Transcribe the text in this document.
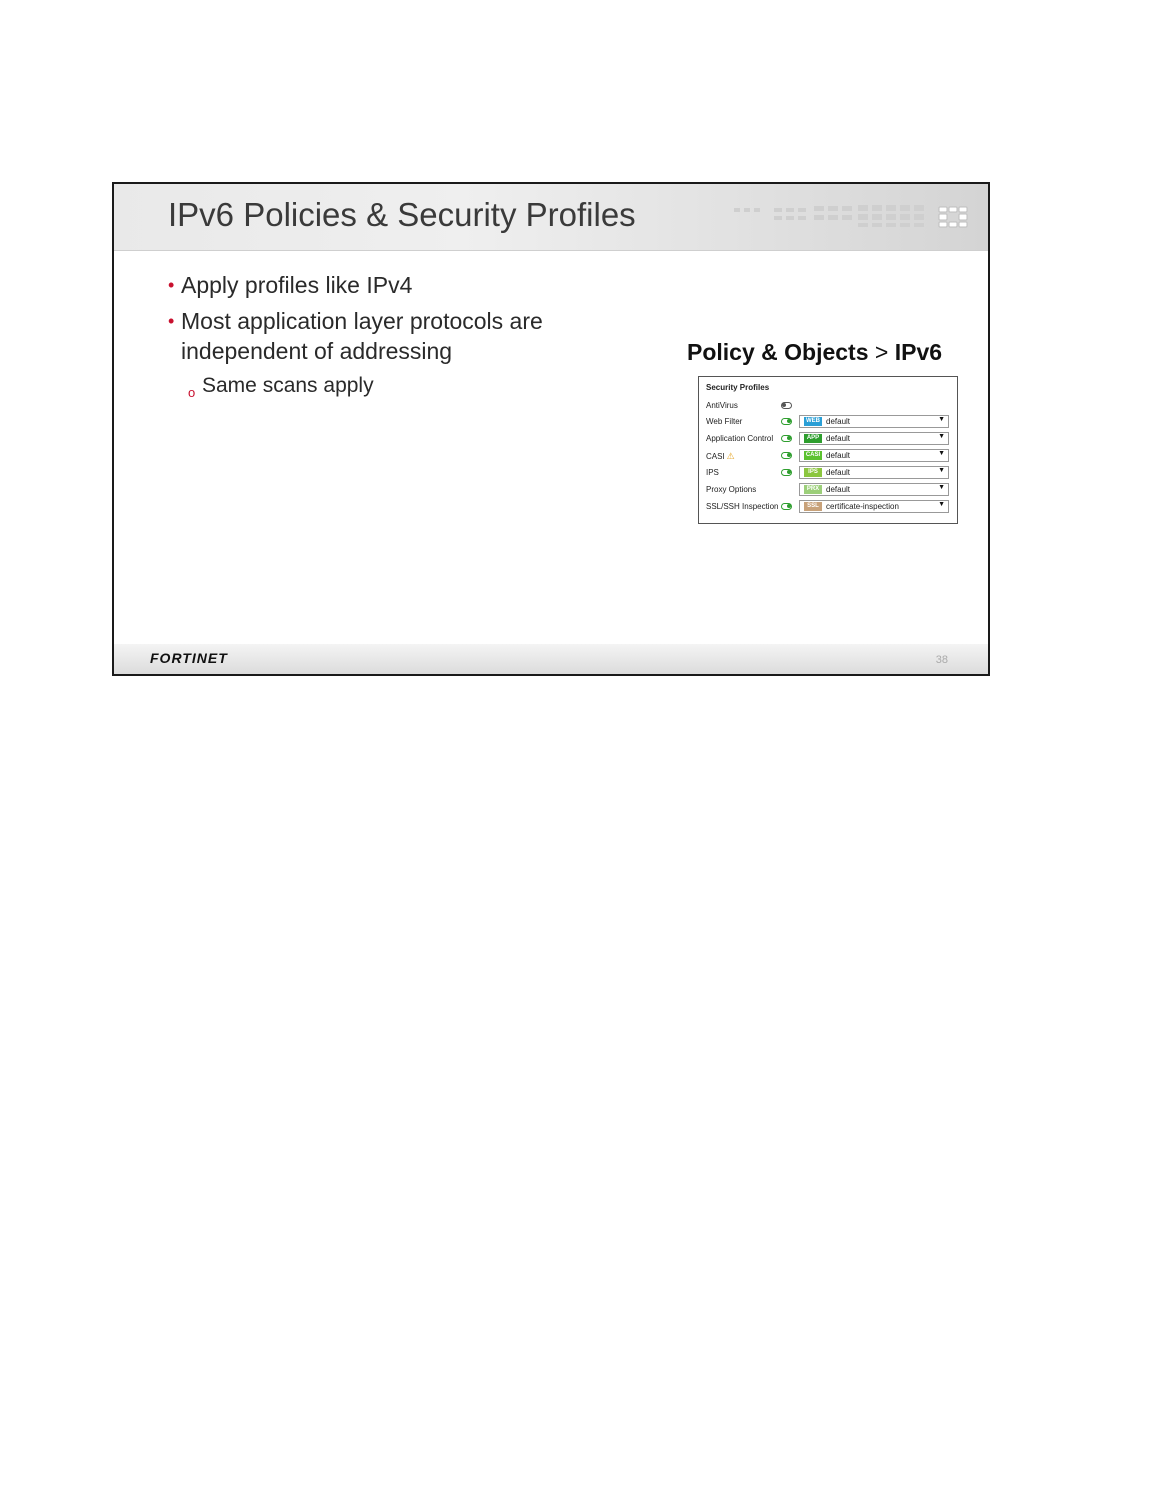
IPv6 Policies & Security Profiles
• Apply profiles like IPv4
• Most application layer protocols are independent of addressing
o Same scans apply
Policy & Objects > IPv6
Security Profiles
AntiVirus
Web Filter	WEB default	▼
Application Control	APP default	▼
CASI ⚠	CASI default	▼
IPS	IPS	default	▼
Proxy Options	PRX default	▼
SSL/SSH Inspection	SSL certificate-inspection	▼
FORTINET	38
